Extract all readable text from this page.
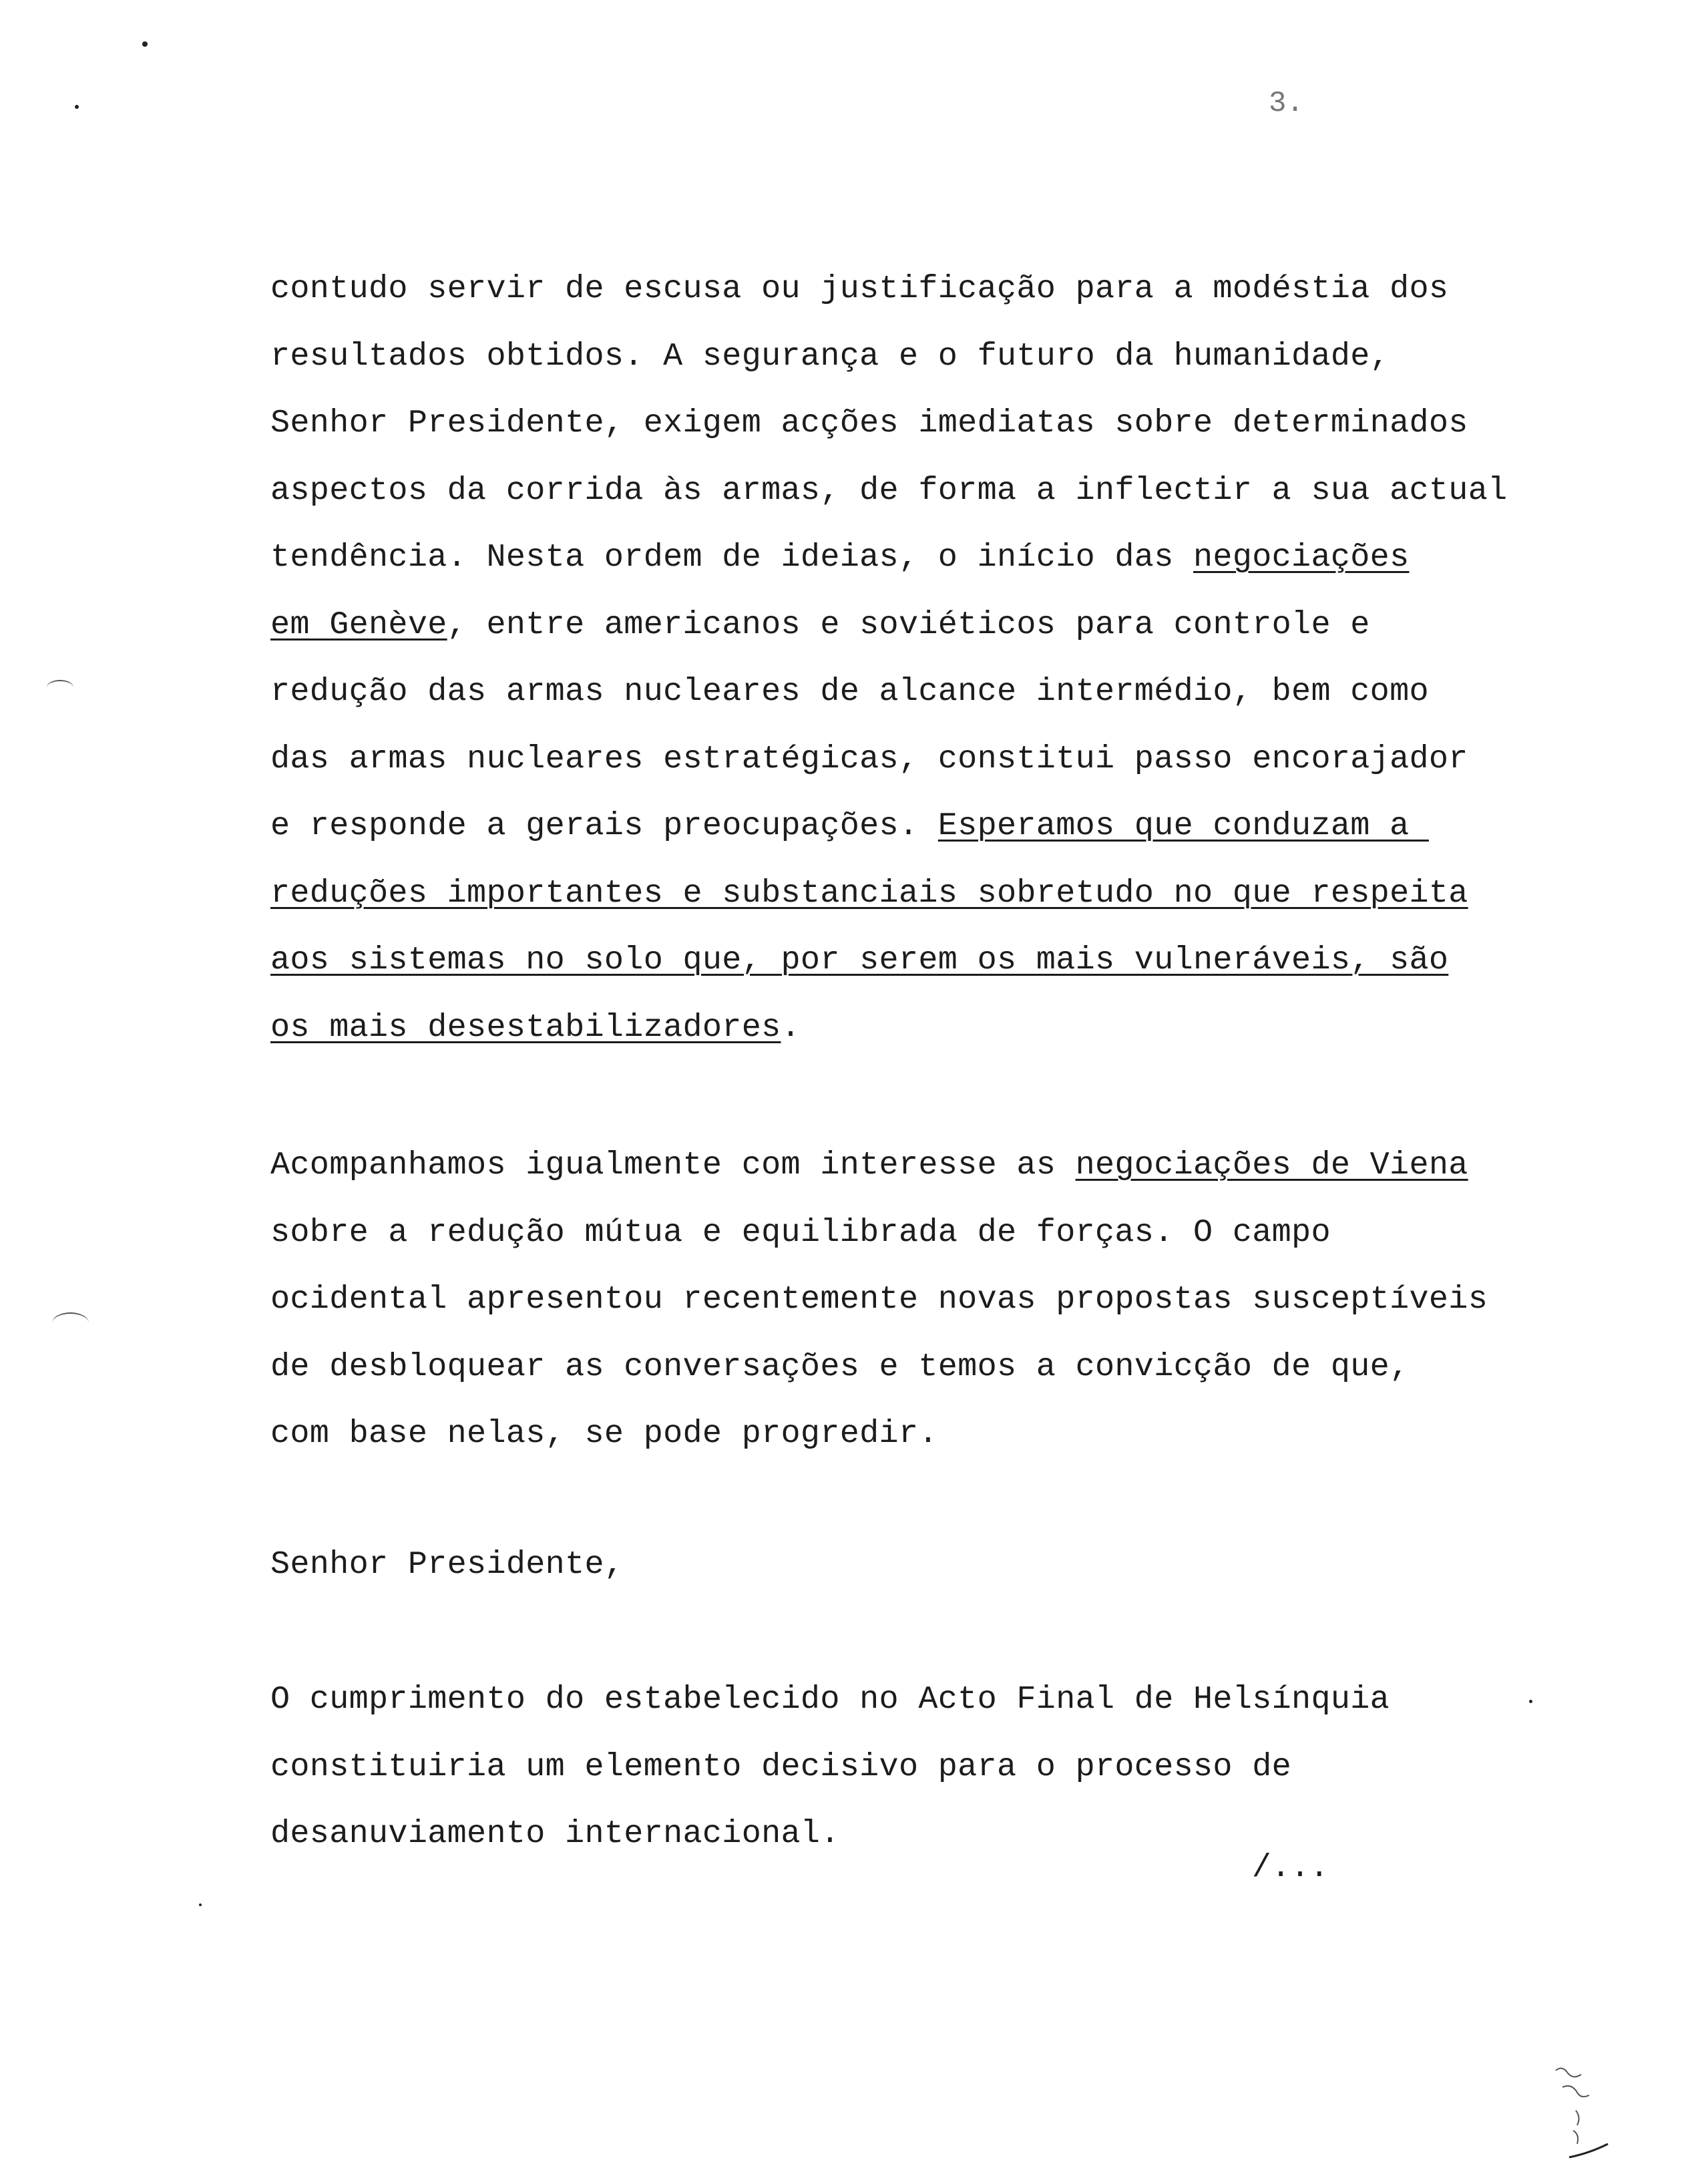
3.
contudo servir de escusa ou justificação para a modéstia dos
resultados obtidos. A segurança e o futuro da humanidade,
Senhor Presidente, exigem acções imediatas sobre determinados
aspectos da corrida às armas, de forma a inflectir a sua actual
tendência. Nesta ordem de ideias, o início das negociações
em Genève, entre americanos e soviéticos para controle e
redução das armas nucleares de alcance intermédio, bem como
das armas nucleares estratégicas, constitui passo encorajador
e responde a gerais preocupações. Esperamos que conduzam a
reduções importantes e substanciais sobretudo no que respeita
aos sistemas no solo que, por serem os mais vulneráveis, são
os mais desestabilizadores.
Acompanhamos igualmente com interesse as negociações de Viena
sobre a redução mútua e equilibrada de forças. O campo
ocidental apresentou recentemente novas propostas susceptíveis
de desbloquear as conversações e temos a convicção de que,
com base nelas, se pode progredir.
Senhor Presidente,
O cumprimento do estabelecido no Acto Final de Helsínquia
constituiria um elemento decisivo para o processo de
desanuviamento internacional.
/...
